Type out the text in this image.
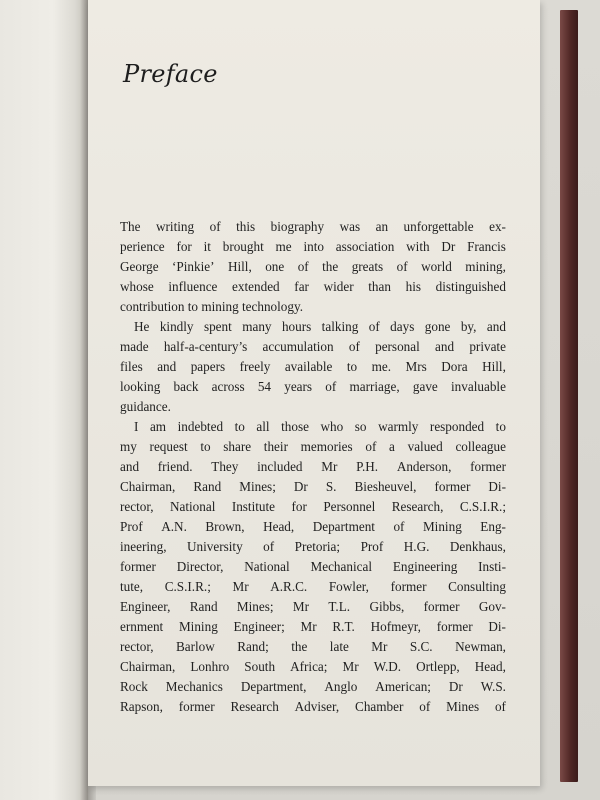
Preface
The writing of this biography was an unforgettable ex-
perience for it brought me into association with Dr Francis
George ‘Pinkie’ Hill, one of the greats of world mining,
whose influence extended far wider than his distinguished
contribution to mining technology.
He kindly spent many hours talking of days gone by, and
made half-a-century’s accumulation of personal and private
files and papers freely available to me. Mrs Dora Hill,
looking back across 54 years of marriage, gave invaluable
guidance.
I am indebted to all those who so warmly responded to
my request to share their memories of a valued colleague
and friend. They included Mr P.H. Anderson, former
Chairman, Rand Mines; Dr S. Biesheuvel, former Di-
rector, National Institute for Personnel Research, C.S.I.R.;
Prof A.N. Brown, Head, Department of Mining Eng-
ineering, University of Pretoria; Prof H.G. Denkhaus,
former Director, National Mechanical Engineering Insti-
tute, C.S.I.R.; Mr A.R.C. Fowler, former Consulting
Engineer, Rand Mines; Mr T.L. Gibbs, former Gov-
ernment Mining Engineer; Mr R.T. Hofmeyr, former Di-
rector, Barlow Rand; the late Mr S.C. Newman,
Chairman, Lonhro South Africa; Mr W.D. Ortlepp, Head,
Rock Mechanics Department, Anglo American; Dr W.S.
Rapson, former Research Adviser, Chamber of Mines of
